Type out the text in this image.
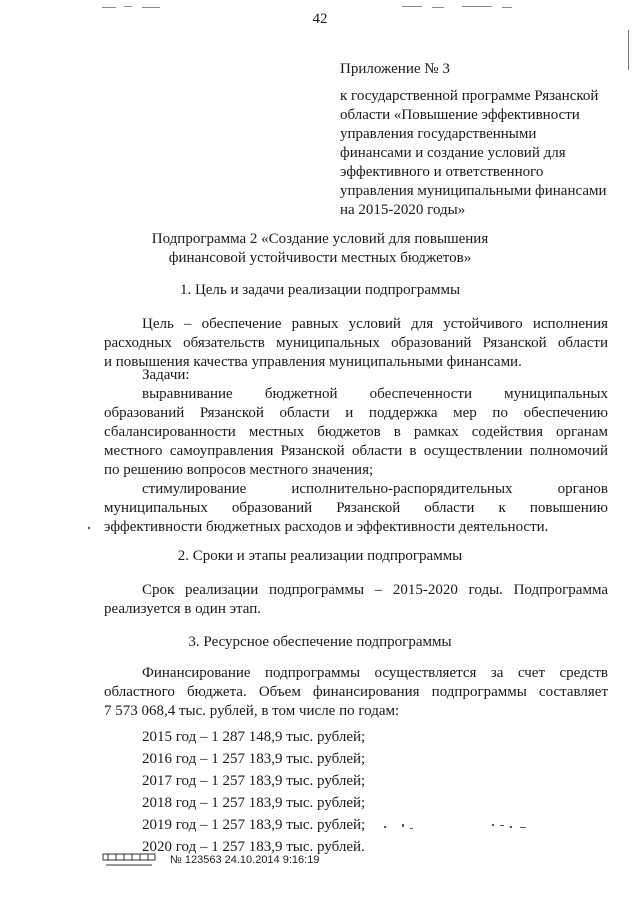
42
Приложение № 3
к государственной программе Рязанской
области «Повышение эффективности
управления государственными
финансами и создание условий для
эффективного и ответственного
управления муниципальными финансами
на 2015-2020 годы»
Подпрограмма 2 «Создание условий для повышения
финансовой устойчивости местных бюджетов»
1. Цель и задачи реализации подпрограммы
Цель – обеспечение равных условий для устойчивого исполнения
расходных обязательств муниципальных образований Рязанской области
и повышения качества управления муниципальными финансами.
Задачи:
выравнивание бюджетной обеспеченности муниципальных
образований Рязанской области и поддержка мер по обеспечению
сбалансированности местных бюджетов в рамках содействия органам
местного самоуправления Рязанской области в осуществлении полномочий
по решению вопросов местного значения;
стимулирование исполнительно-распорядительных органов
муниципальных образований Рязанской области к повышению
эффективности бюджетных расходов и эффективности деятельности.
2. Сроки и этапы реализации подпрограммы
Срок реализации подпрограммы – 2015-2020 годы. Подпрограмма
реализуется в один этап.
3. Ресурсное обеспечение подпрограммы
Финансирование подпрограммы осуществляется за счет средств
областного бюджета. Объем финансирования подпрограммы составляет
7 573 068,4 тыс. рублей, в том числе по годам:
2015 год – 1 287 148,9 тыс. рублей;
2016 год – 1 257 183,9 тыс. рублей;
2017 год – 1 257 183,9 тыс. рублей;
2018 год – 1 257 183,9 тыс. рублей;
2019 год – 1 257 183,9 тыс. рублей;
2020 год – 1 257 183,9 тыс. рублей.
№ 123563 24.10.2014 9:16:19
